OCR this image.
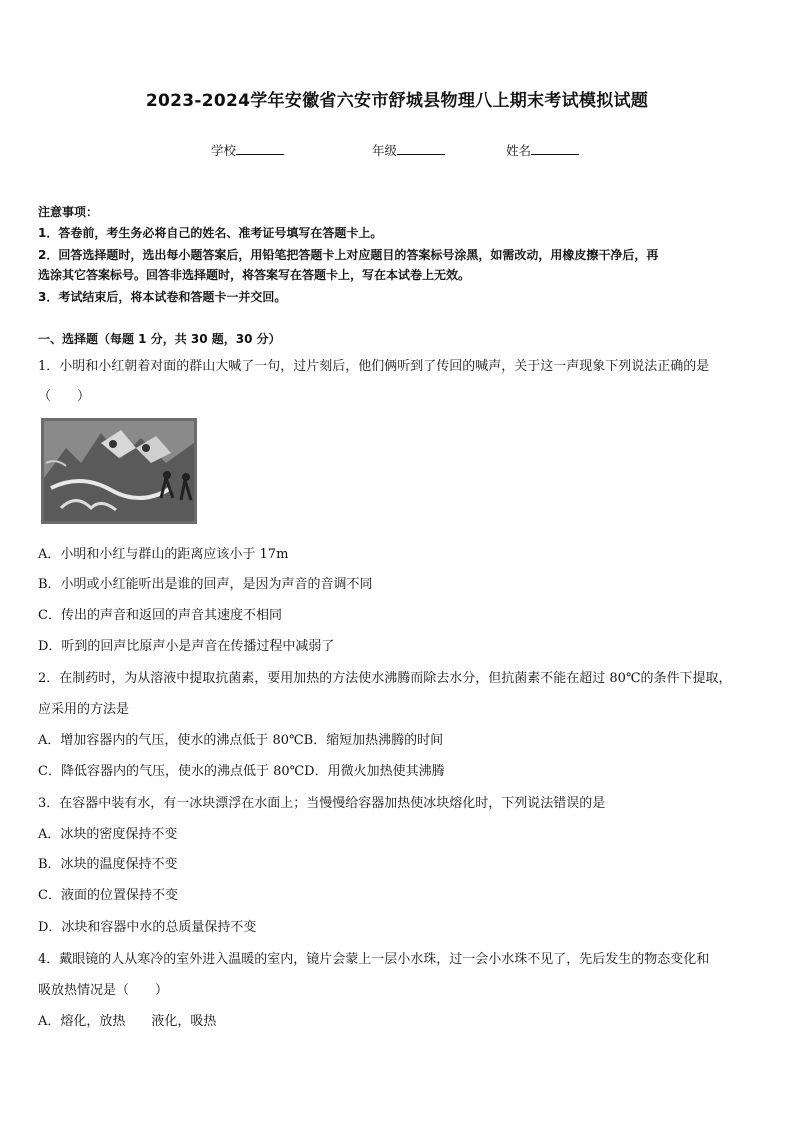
2023-2024学年安徽省六安市舒城县物理八上期末考试模拟试题
学校	年级	姓名
注意事项：
1．答卷前，考生务必将自己的姓名、准考证号填写在答题卡上。
2．回答选择题时，选出每小题答案后，用铅笔把答题卡上对应题目的答案标号涂黑，如需改动，用橡皮擦干净后，再
选涂其它答案标号。回答非选择题时，将答案写在答题卡上，写在本试卷上无效。
3．考试结束后，将本试卷和答题卡一并交回。
一、选择题（每题 1 分，共 30 题，30 分）
1．小明和小红朝着对面的群山大喊了一句，过片刻后，他们俩听到了传回的喊声，关于这一声现象下列说法正确的是
（　　）
A．小明和小红与群山的距离应该小于 17m
B．小明或小红能听出是谁的回声，是因为声音的音调不同
C．传出的声音和返回的声音其速度不相同
D．听到的回声比原声小是声音在传播过程中减弱了
2．在制药时，为从溶液中提取抗菌素，要用加热的方法使水沸腾而除去水分，但抗菌素不能在超过 80℃的条件下提取，
应采用的方法是
A．增加容器内的气压，使水的沸点低于 80℃B．缩短加热沸腾的时间
C．降低容器内的气压，使水的沸点低于 80℃D．用微火加热使其沸腾
3．在容器中装有水，有一冰块漂浮在水面上；当慢慢给容器加热使冰块熔化时，下列说法错误的是
A．冰块的密度保持不变
B．冰块的温度保持不变
C．液面的位置保持不变
D．冰块和容器中水的总质量保持不变
4．戴眼镜的人从寒冷的室外进入温暖的室内，镜片会蒙上一层小水珠，过一会小水珠不见了，先后发生的物态变化和
吸放热情况是（　　）
A．熔化，放热　　液化，吸热
